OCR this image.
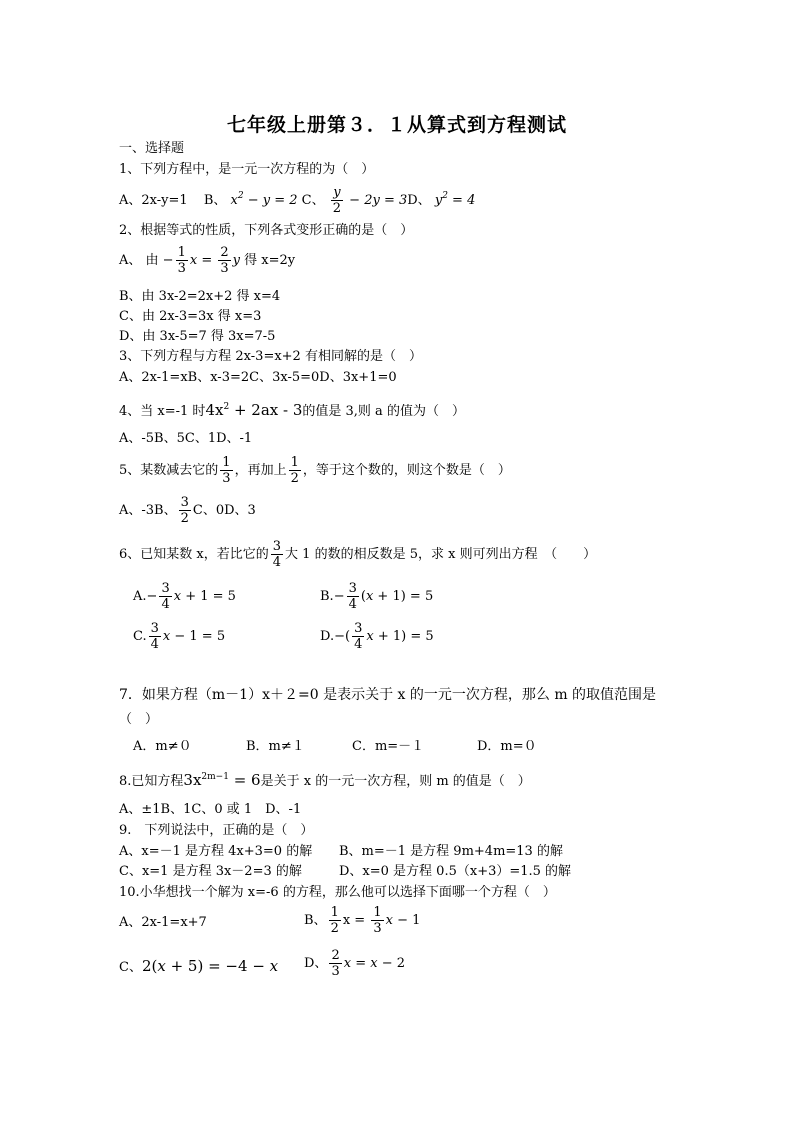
七年级上册第３．１从算式到方程测试
一、选择题
1、下列方程中，是一元一次方程的为（　）
A、2x-y=1 B、 $x^2 - y = 2$ C、 $\frac{y}{2} - 2y = 3D$、 $y^2 = 4$
2、根据等式的性质，下列各式变形正确的是（　）
A、 由 − $\frac{1}{3}$ $x = \frac{2}{3}$ y 得 x=2y
B、由 3x-2=2x+2 得 x=4
C、由 2x-3=3x 得 x=3
D、由 3x-5=7 得 3x=7-5
3、下列方程与方程 2x-3=x+2 有相同解的是（　）
A、2x-1=xB、x-3=2C、3x-5=0D、3x+1=0
4、当 x=-1 时$4x^2 + 2ax - 3$的值是 3,则 a 的值为（　）
A、-5B、5C、1D、-1
5、某数减去它的 $\frac{1}{3}$ ，再加上 $\frac{1}{2}$ ，等于这个数的，则这个数是（　）
A、-3B、 $\frac{3}{2}$ C、0D、3
6、已知某数 x，若比它的 $\frac{3}{4}$ 大 1 的数的相反数是 5，求 x 则可列出方程　（　　）
$A.- \frac{3}{4}$ x + 1 = 5	$B.- \frac{3}{4} (x + 1) = 5$
C. $\frac{3}{4}$ x − 1 = 5	$D.-( \frac{3}{4}$ x + 1) = 5
7．如果方程（m－1）x＋２=0 是表示关于 x 的一元一次方程，那么 m 的取值范围是
（　）
A．m≠０	B．m≠１	C．m=－１	D．m=０
8.已知方程$3x^{2m-1} = 6$是关于 x 的一元一次方程，则 m 的值是（　）
A、±1B、1C、0 或 1　D、-1
9.　下列说法中，正确的是（　）
A、x=－1 是方程 4x+3=0 的解 B、m=－1 是方程 9m+4m=13 的解
C、x=1 是方程 3x－2=3 的解	D、x=0 是方程 0.5（x+3）=1.5 的解
10.小华想找一个解为 x=-6 的方程，那么他可以选择下面哪一个方程（　）
A、2x-1=x+7	B、 $\frac{1}{2}$ $x = \frac{1}{3}$ x − 1
C、2(x + 5) = −4 − x D、 $\frac{2}{3}$ x = x − 2
